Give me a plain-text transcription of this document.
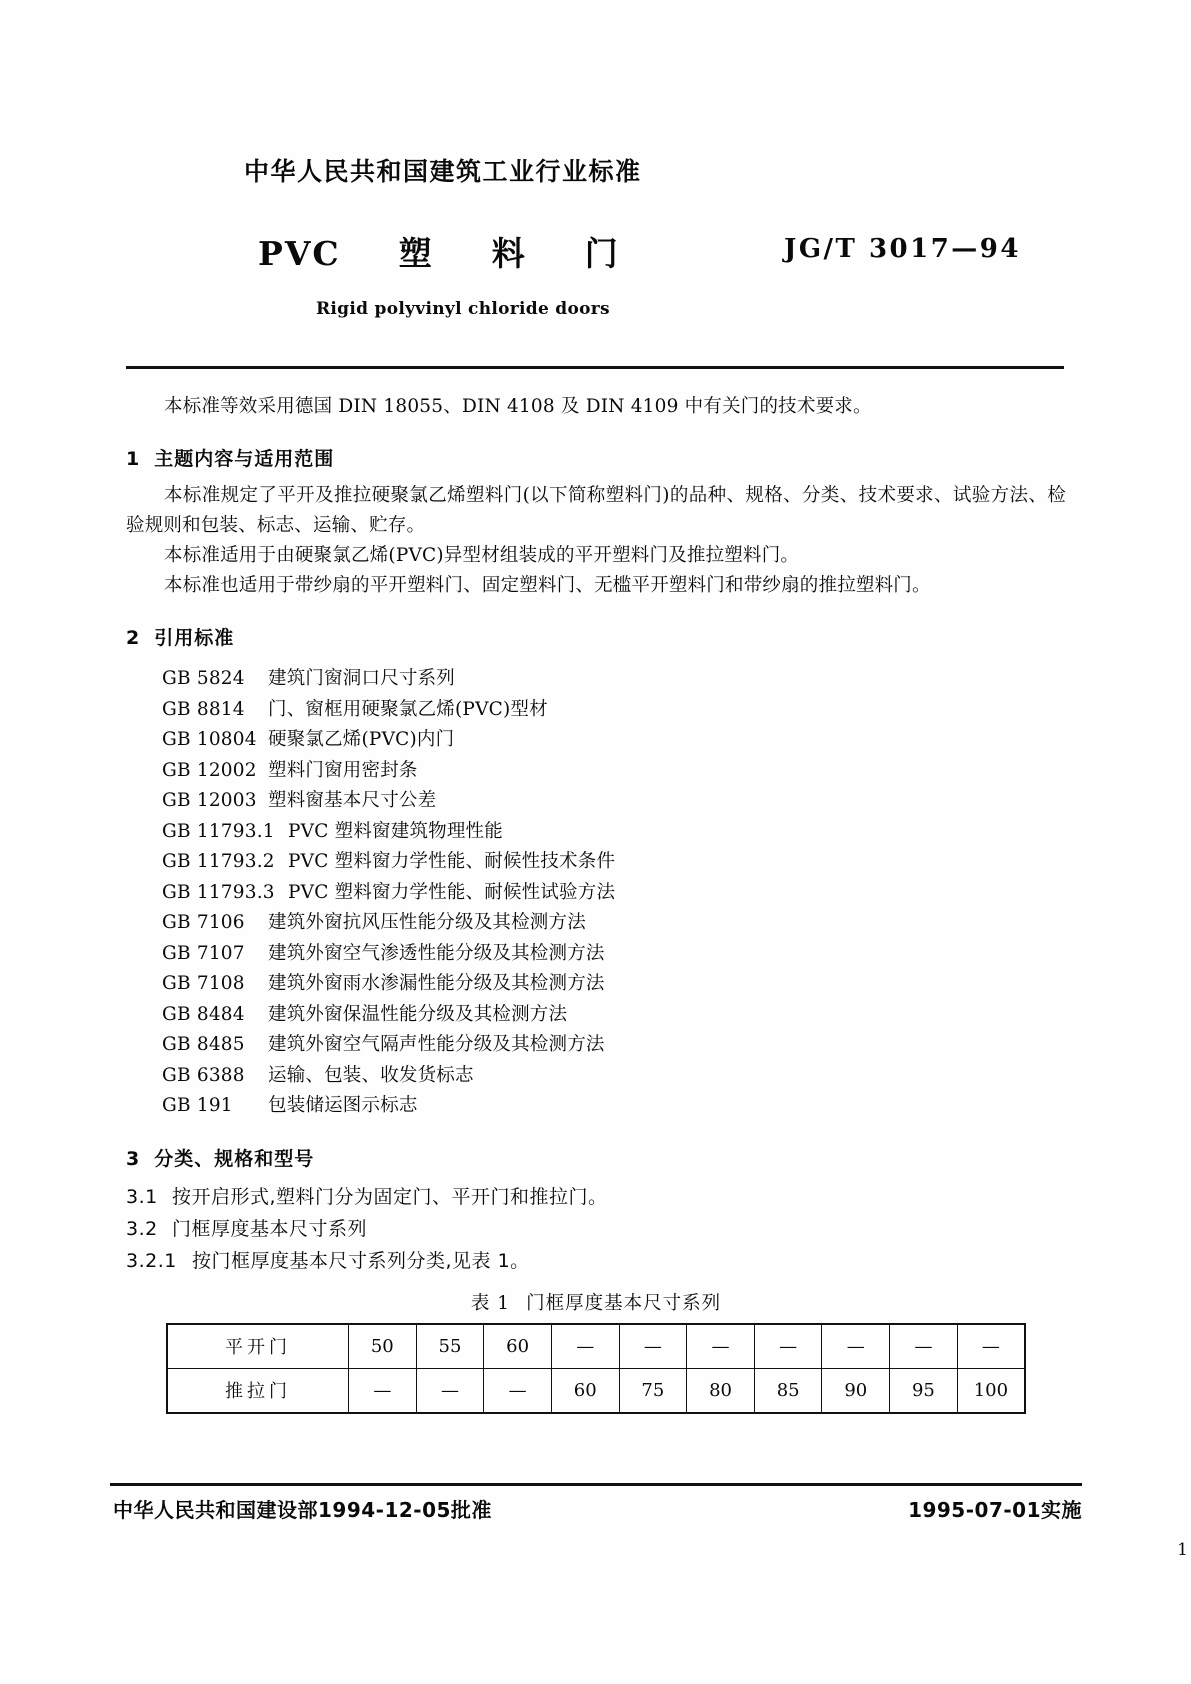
中华人民共和国建筑工业行业标准
PVC 塑 料 门	JG/T 3017—94
Rigid polyvinyl chloride doors
本标准等效采用德国 DIN 18055、DIN 4108 及 DIN 4109 中有关门的技术要求。
1 主题内容与适用范围
本标准规定了平开及推拉硬聚氯乙烯塑料门(以下简称塑料门)的品种、规格、分类、技术要求、试验方法、检验规则和包装、标志、运输、贮存。
本标准适用于由硬聚氯乙烯(PVC)异型材组装成的平开塑料门及推拉塑料门。
本标准也适用于带纱扇的平开塑料门、固定塑料门、无槛平开塑料门和带纱扇的推拉塑料门。
2 引用标准
GB 5824 建筑门窗洞口尺寸系列
GB 8814 门、窗框用硬聚氯乙烯(PVC)型材
GB 10804 硬聚氯乙烯(PVC)内门
GB 12002 塑料门窗用密封条
GB 12003 塑料窗基本尺寸公差
GB 11793.1 PVC 塑料窗建筑物理性能
GB 11793.2 PVC 塑料窗力学性能、耐候性技术条件
GB 11793.3 PVC 塑料窗力学性能、耐候性试验方法
GB 7106 建筑外窗抗风压性能分级及其检测方法
GB 7107 建筑外窗空气渗透性能分级及其检测方法
GB 7108 建筑外窗雨水渗漏性能分级及其检测方法
GB 8484 建筑外窗保温性能分级及其检测方法
GB 8485 建筑外窗空气隔声性能分级及其检测方法
GB 6388 运输、包装、收发货标志
GB 191 包装储运图示标志
3 分类、规格和型号
3.1 按开启形式,塑料门分为固定门、平开门和推拉门。
3.2 门框厚度基本尺寸系列
3.2.1 按门框厚度基本尺寸系列分类,见表 1。
表 1 门框厚度基本尺寸系列
平开门	50	55	60	—	—	—	—	—	—	—
推拉门	—	—	—	60	75	80	85	90	95	100
中华人民共和国建设部1994-12-05批准	1995-07-01实施
1
